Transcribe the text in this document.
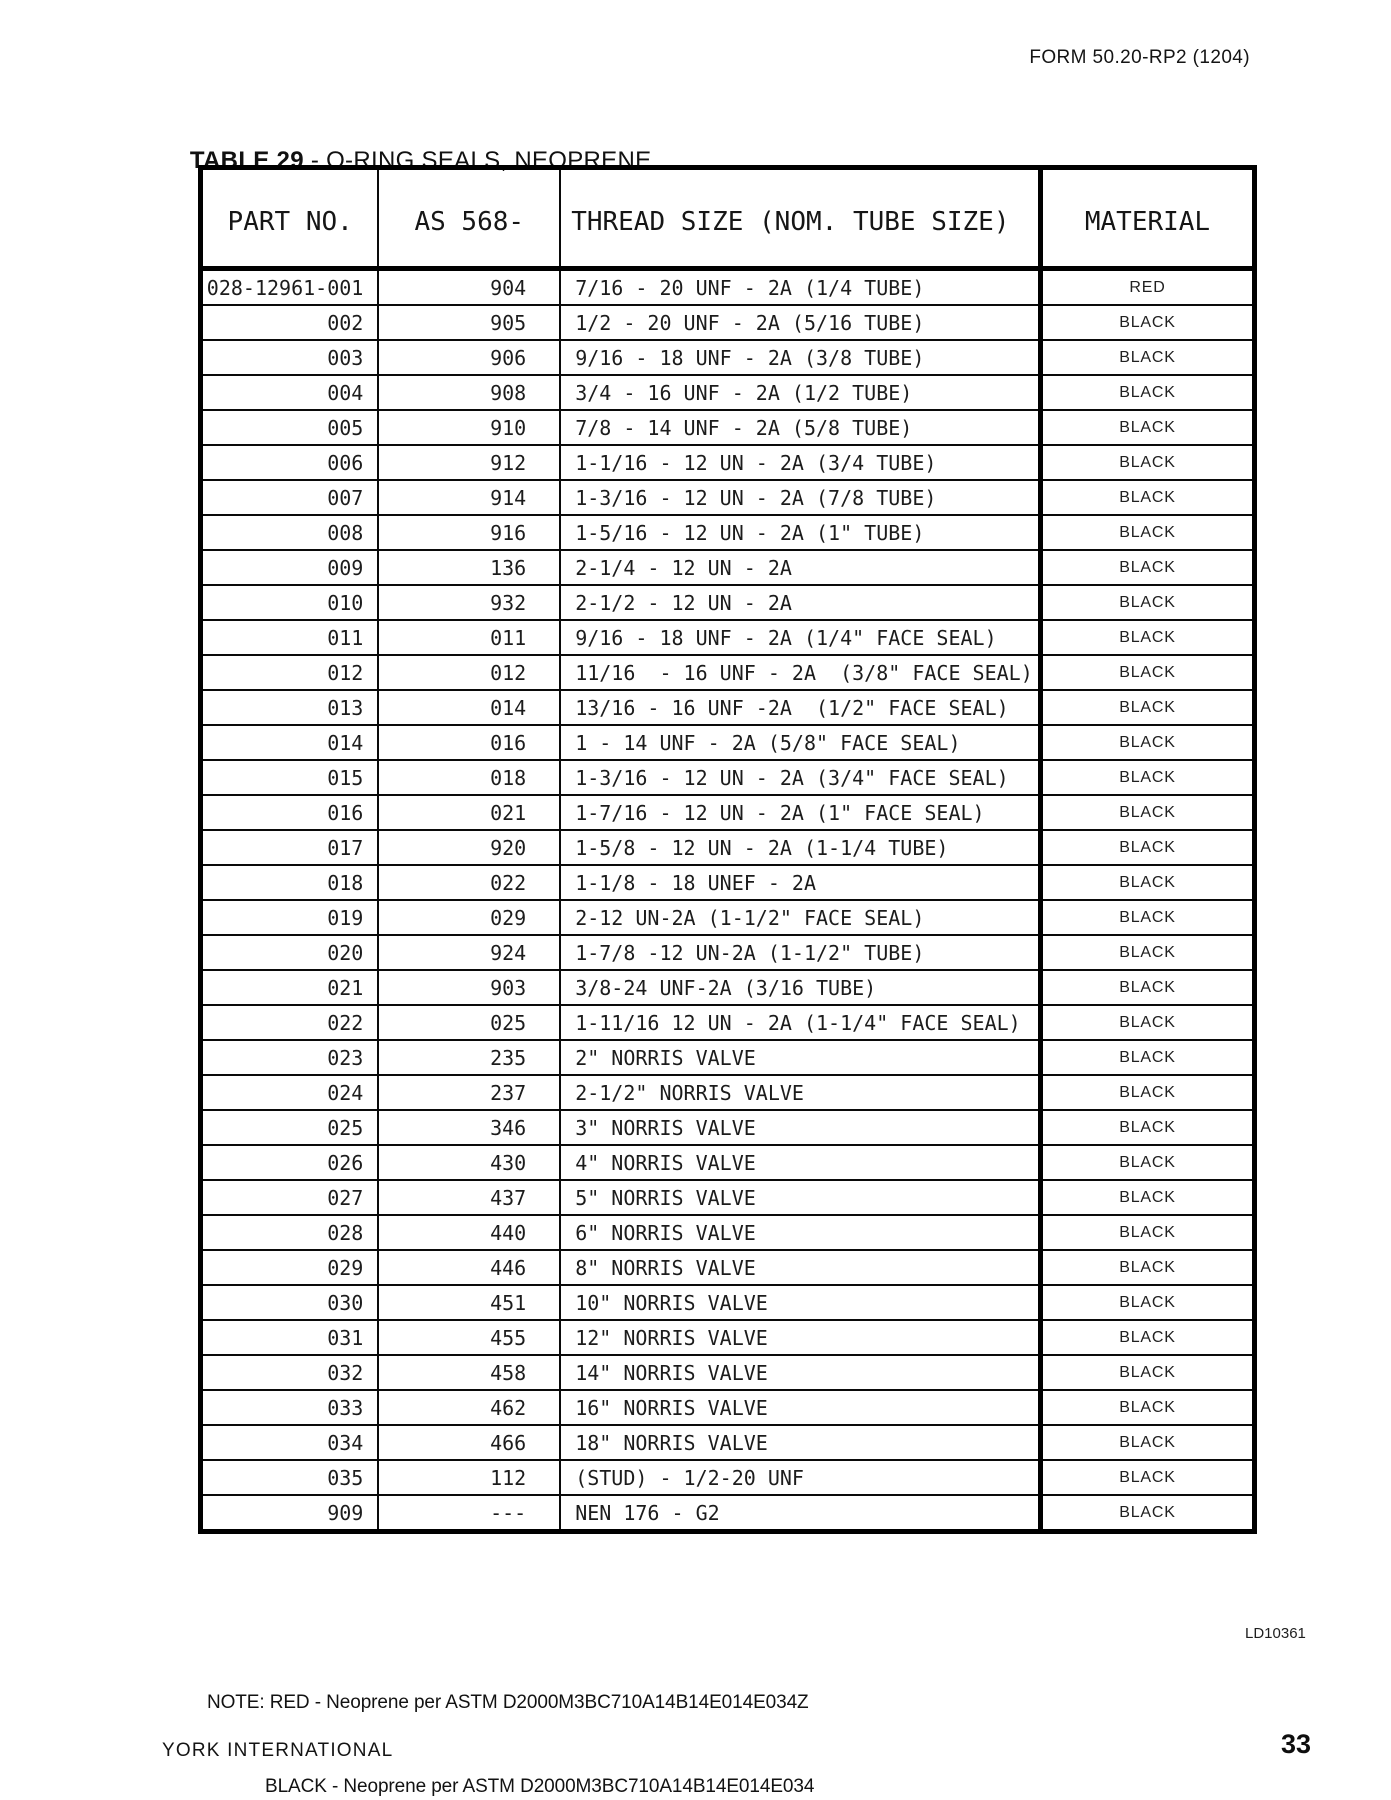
FORM 50.20-RP2 (1204)

TABLE 29 - O-RING SEALS, NEOPRENE

PART NO.	AS 568-	THREAD SIZE (NOM. TUBE SIZE)	MATERIAL
028-12961-001	904	7/16 - 20 UNF - 2A (1/4 TUBE)	RED
002	905	1/2 - 20 UNF - 2A (5/16 TUBE)	BLACK
003	906	9/16 - 18 UNF - 2A (3/8 TUBE)	BLACK
004	908	3/4 - 16 UNF - 2A (1/2 TUBE)	BLACK
005	910	7/8 - 14 UNF - 2A (5/8 TUBE)	BLACK
006	912	1-1/16 - 12 UN - 2A (3/4 TUBE)	BLACK
007	914	1-3/16 - 12 UN - 2A (7/8 TUBE)	BLACK
008	916	1-5/16 - 12 UN - 2A (1" TUBE)	BLACK
009	136	2-1/4 - 12 UN - 2A	BLACK
010	932	2-1/2 - 12 UN - 2A	BLACK
011	011	9/16 - 18 UNF - 2A (1/4" FACE SEAL)	BLACK
012	012	11/16  - 16 UNF - 2A  (3/8" FACE SEAL)	BLACK
013	014	13/16 - 16 UNF -2A  (1/2" FACE SEAL)	BLACK
014	016	1 - 14 UNF - 2A (5/8" FACE SEAL)	BLACK
015	018	1-3/16 - 12 UN - 2A (3/4" FACE SEAL)	BLACK
016	021	1-7/16 - 12 UN - 2A (1" FACE SEAL)	BLACK
017	920	1-5/8 - 12 UN - 2A (1-1/4 TUBE)	BLACK
018	022	1-1/8 - 18 UNEF - 2A	BLACK
019	029	2-12 UN-2A (1-1/2" FACE SEAL)	BLACK
020	924	1-7/8 -12 UN-2A (1-1/2" TUBE)	BLACK
021	903	3/8-24 UNF-2A (3/16 TUBE)	BLACK
022	025	1-11/16 12 UN - 2A (1-1/4" FACE SEAL)	BLACK
023	235	2" NORRIS VALVE	BLACK
024	237	2-1/2" NORRIS VALVE	BLACK
025	346	3" NORRIS VALVE	BLACK
026	430	4" NORRIS VALVE	BLACK
027	437	5" NORRIS VALVE	BLACK
028	440	6" NORRIS VALVE	BLACK
029	446	8" NORRIS VALVE	BLACK
030	451	10" NORRIS VALVE	BLACK
031	455	12" NORRIS VALVE	BLACK
032	458	14" NORRIS VALVE	BLACK
033	462	16" NORRIS VALVE	BLACK
034	466	18" NORRIS VALVE	BLACK
035	112	(STUD) - 1/2-20 UNF	BLACK
909	---	NEN 176 - G2	BLACK
LD10361

NOTE: RED - Neoprene per ASTM D2000M3BC710A14B14E014E034Z

BLACK - Neoprene per ASTM D2000M3BC710A14B14E014E034

YORK INTERNATIONAL	33
